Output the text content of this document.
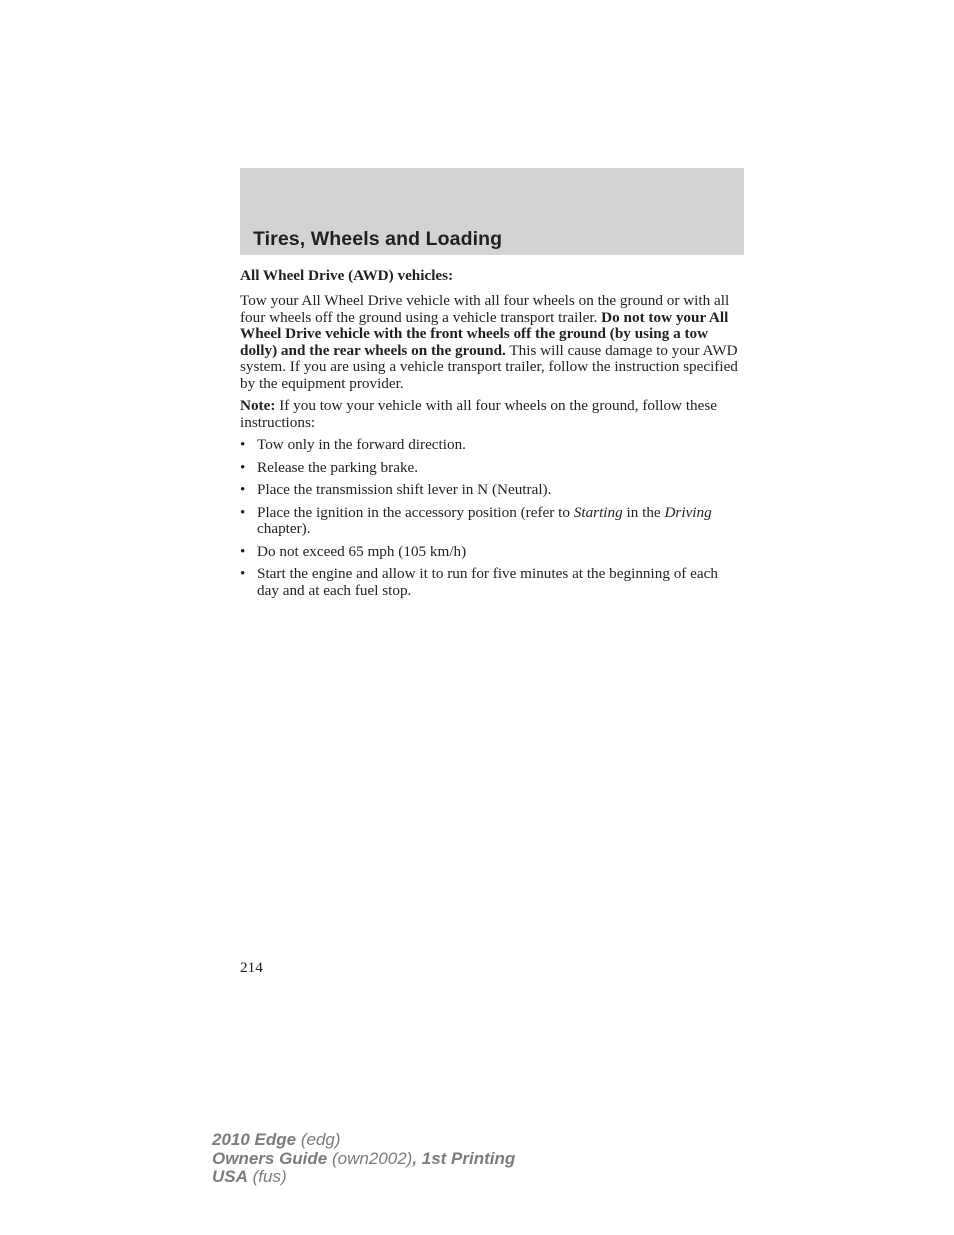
Tires, Wheels and Loading

All Wheel Drive (AWD) vehicles:

Tow your All Wheel Drive vehicle with all four wheels on the ground or with all four wheels off the ground using a vehicle transport trailer. Do not tow your All Wheel Drive vehicle with the front wheels off the ground (by using a tow dolly) and the rear wheels on the ground. This will cause damage to your AWD system. If you are using a vehicle transport trailer, follow the instruction specified by the equipment provider.

Note: If you tow your vehicle with all four wheels on the ground, follow these instructions:

• Tow only in the forward direction.
• Release the parking brake.
• Place the transmission shift lever in N (Neutral).
• Place the ignition in the accessory position (refer to Starting in the Driving chapter).
• Do not exceed 65 mph (105 km/h)
• Start the engine and allow it to run for five minutes at the beginning of each day and at each fuel stop.
214
2010 Edge (edg)
Owners Guide (own2002), 1st Printing
USA (fus)
